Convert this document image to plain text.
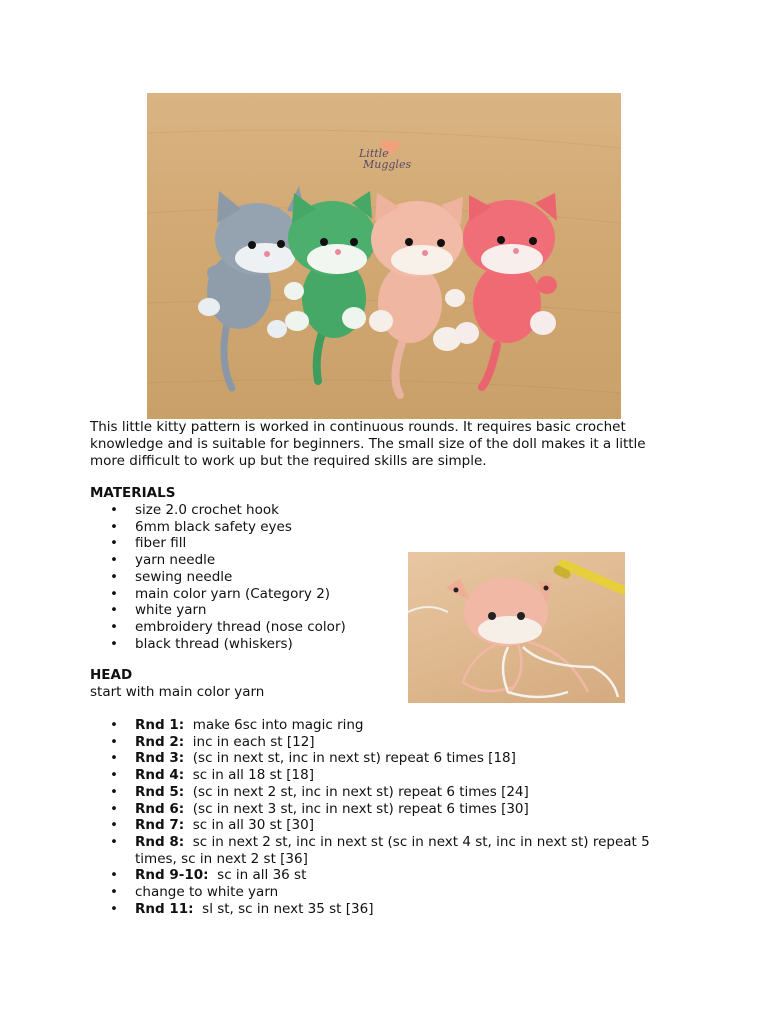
Little
Muggles

This little kitty pattern is worked in continuous rounds. It requires basic crochet knowledge and is suitable for beginners. The small size of the doll makes it a little more difficult to work up but the required skills are simple.

MATERIALS

• size 2.0 crochet hook
• 6mm black safety eyes
• fiber fill
• yarn needle
• sewing needle
• main color yarn (Category 2)
• white yarn
• embroidery thread (nose color)
• black thread (whiskers)

HEAD

start with main color yarn

• Rnd 1: make 6sc into magic ring
• Rnd 2: inc in each st [12]
• Rnd 3: (sc in next st, inc in next st) repeat 6 times [18]
• Rnd 4: sc in all 18 st [18]
• Rnd 5: (sc in next 2 st, inc in next st) repeat 6 times [24]
• Rnd 6: (sc in next 3 st, inc in next st) repeat 6 times [30]
• Rnd 7: sc in all 30 st [30]
• Rnd 8: sc in next 2 st, inc in next st (sc in next 4 st, inc in next st) repeat 5 times, sc in next 2 st [36]
• Rnd 9-10: sc in all 36 st
• change to white yarn
• Rnd 11: sl st, sc in next 35 st [36]
